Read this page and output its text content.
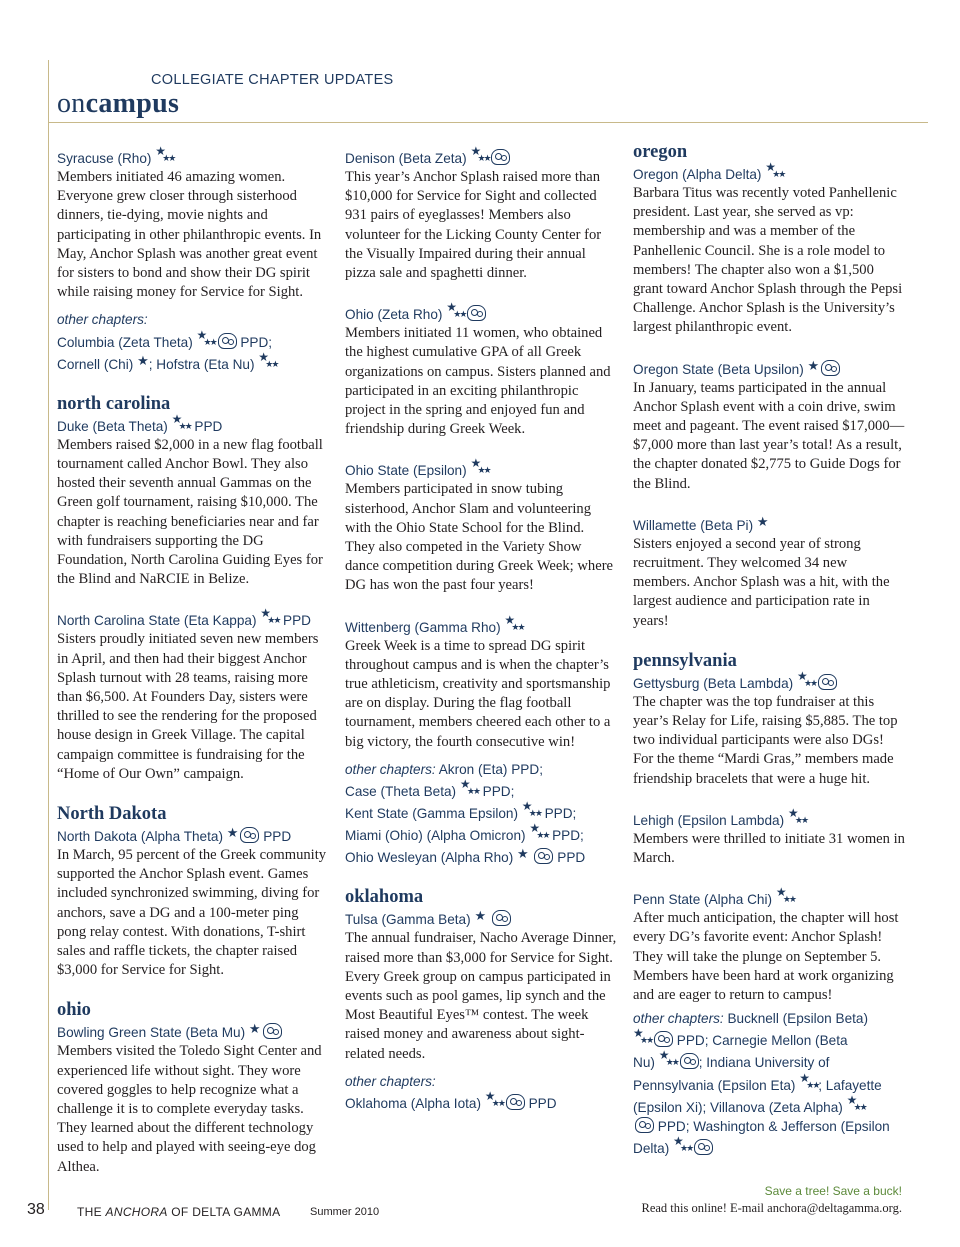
COLLEGIATE CHAPTER UPDATES
oncampus

Syracuse (Rho) ★
★★

Members initiated 46 amazing women. Everyone grew closer through sisterhood dinners, tie-dying, movie nights and participating in other philanthropic events. In May, Anchor Splash was another great event for sisters to bond and show their DG spirit while raising money for Service for Sight.

other chapters:
Columbia (Zeta Theta) ★
★★ PPD;
Cornell (Chi) ★; Hofstra (Eta Nu) ★
★★

north carolina

Duke (Beta Theta) ★
★★ PPD

Members raised $2,000 in a new flag football tournament called Anchor Bowl. They also hosted their seventh annual Gammas on the Green golf tournament, raising $10,000. The chapter is reaching beneficiaries near and far with fundraisers supporting the DG Foundation, North Carolina Guiding Eyes for the Blind and NaRCIE in Belize.

North Carolina State (Eta Kappa) ★
★★ PPD

Sisters proudly initiated seven new members in April, and then had their biggest Anchor Splash turnout with 28 teams, raising more than $6,500. At Founders Day, sisters were thrilled to see the rendering for the proposed house design in Greek Village. The capital campaign committee is fundraising for the “Home of Our Own” campaign.

North Dakota

North Dakota (Alpha Theta) ★ PPD

In March, 95 percent of the Greek community supported the Anchor Splash event. Games included synchronized swimming, diving for anchors, save a DG and a 100-meter ping pong relay contest. With donations, T-shirt sales and raffle tickets, the chapter raised $3,000 for Service for Sight.

ohio

Bowling Green State (Beta Mu) ★

Members visited the Toledo Sight Center and experienced life without sight. They wore covered goggles to help recognize what a challenge it is to complete everyday tasks. They learned about the different technology used to help and played with seeing-eye dog Althea.

Denison (Beta Zeta) ★
★★

This year’s Anchor Splash raised more than $10,000 for Service for Sight and collected 931 pairs of eyeglasses! Members also volunteer for the Licking County Center for the Visually Impaired during their annual pizza sale and spaghetti dinner.

Ohio (Zeta Rho) ★
★★

Members initiated 11 women, who obtained the highest cumulative GPA of all Greek organizations on campus. Sisters planned and participated in an exciting philanthropic project in the spring and enjoyed fun and friendship during Greek Week.

Ohio State (Epsilon) ★
★★

Members participated in snow tubing sisterhood, Anchor Slam and volunteering with the Ohio State School for the Blind. They also competed in the Variety Show dance competition during Greek Week; where DG has won the past four years!

Wittenberg (Gamma Rho) ★
★★

Greek Week is a time to spread DG spirit throughout campus and is when the chapter’s true athleticism, creativity and sportsmanship are on display. During the flag football tournament, members cheered each other to a big victory, the fourth consecutive win!

other chapters: Akron (Eta) PPD;
Case (Theta Beta) ★
★★ PPD;
Kent State (Gamma Epsilon) ★
★★ PPD;
Miami (Ohio) (Alpha Omicron) ★
★★ PPD;
Ohio Wesleyan (Alpha Rho) ★ PPD

oklahoma

Tulsa (Gamma Beta) ★

The annual fundraiser, Nacho Average Dinner, raised more than $3,000 for Service for Sight. Every Greek group on campus participated in events such as pool games, lip synch and the Most Beautiful Eyes™ contest. The week raised money and awareness about sight-related needs.

other chapters:
Oklahoma (Alpha Iota) ★
★★ PPD

oregon

Oregon (Alpha Delta) ★
★★

Barbara Titus was recently voted Panhellenic president. Last year, she served as vp: membership and was a member of the Panhellenic Council. She is a role model to members! The chapter also won a $1,500 grant toward Anchor Splash through the Pepsi Challenge. Anchor Splash is the University’s largest philanthropic event.

Oregon State (Beta Upsilon) ★

In January, teams participated in the annual Anchor Splash event with a coin drive, swim meet and pageant. The event raised $17,000—$7,000 more than last year’s total! As a result, the chapter donated $2,775 to Guide Dogs for the Blind.

Willamette (Beta Pi) ★

Sisters enjoyed a second year of strong recruitment. They welcomed 34 new members. Anchor Splash was a hit, with the largest audience and participation rate in years!

pennsylvania

Gettysburg (Beta Lambda) ★
★★

The chapter was the top fundraiser at this year’s Relay for Life, raising $5,885. The top two individual participants were also DGs! For the theme “Mardi Gras,” members made friendship bracelets that were a huge hit.

Lehigh (Epsilon Lambda) ★
★★

Members were thrilled to initiate 31 women in March.

Penn State (Alpha Chi) ★
★★

After much anticipation, the chapter will host every DG’s favorite event: Anchor Splash! They will take the plunge on September 5. Members have been hard at work organizing and are eager to return to campus!

other chapters: Bucknell (Epsilon Beta)

★
★★ PPD; Carnegie Mellon (Beta
Nu) ★
★★ ; Indiana University of
Pennsylvania (Epsilon Eta) ★
★★ ; Lafayette
(Epsilon Xi); Villanova (Zeta Alpha) ★
★★

PPD; Washington & Jefferson (Epsilon
Delta) ★
★★

38	THE ANCHORA OF DELTA GAMMA	Summer 2010
Save a tree! Save a buck!
Read this online! E-mail anchora@deltagamma.org.
